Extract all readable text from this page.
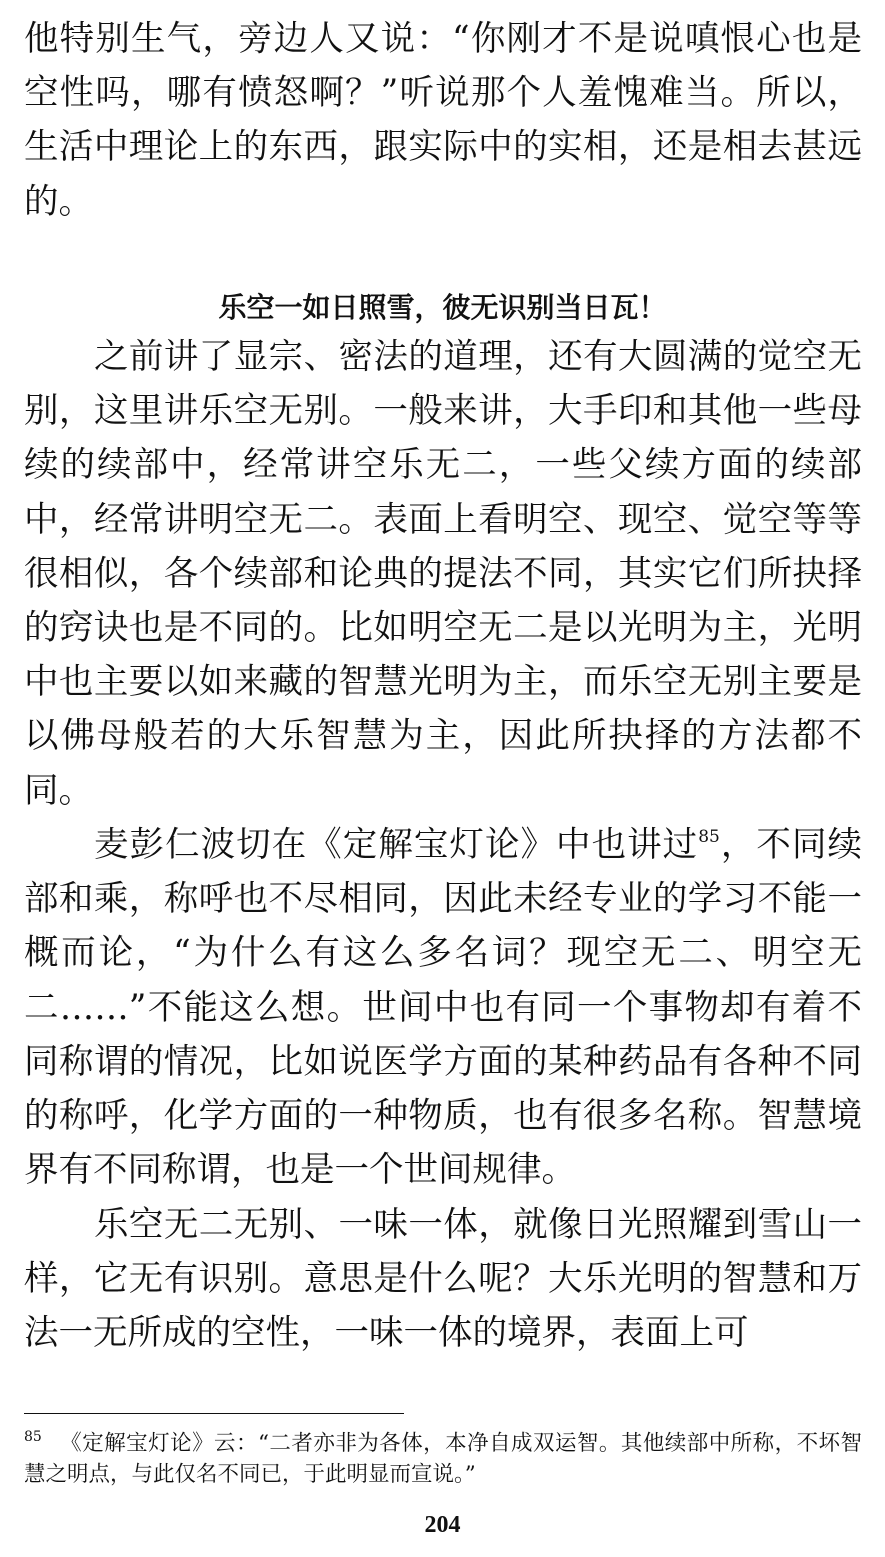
他特别生气，旁边人又说：“你刚才不是说嗔恨心也是空性吗，哪有愤怒啊？”听说那个人羞愧难当。所以，生活中理论上的东西，跟实际中的实相，还是相去甚远的。

乐空一如日照雪，彼无识别当日瓦！

之前讲了显宗、密法的道理，还有大圆满的觉空无别，这里讲乐空无别。一般来讲，大手印和其他一些母续的续部中，经常讲空乐无二，一些父续方面的续部中，经常讲明空无二。表面上看明空、现空、觉空等等很相似，各个续部和论典的提法不同，其实它们所抉择的窍诀也是不同的。比如明空无二是以光明为主，光明中也主要以如来藏的智慧光明为主，而乐空无别主要是以佛母般若的大乐智慧为主，因此所抉择的方法都不同。

麦彭仁波切在《定解宝灯论》中也讲过$^{85}$，不同续部和乘，称呼也不尽相同，因此未经专业的学习不能一概而论，“为什么有这么多名词？现空无二、明空无二……”不能这么想。世间中也有同一个事物却有着不同称谓的情况，比如说医学方面的某种药品有各种不同的称呼，化学方面的一种物质，也有很多名称。智慧境界有不同称谓，也是一个世间规律。

乐空无二无别、一味一体，就像日光照耀到雪山一样，它无有识别。意思是什么呢？大乐光明的智慧和万法一无所成的空性，一味一体的境界，表面上可

$^{85}$ 《定解宝灯论》云：“二者亦非为各体，本净自成双运智。其他续部中所称，不坏智慧之明点，与此仅名不同已，于此明显而宣说。”

204
